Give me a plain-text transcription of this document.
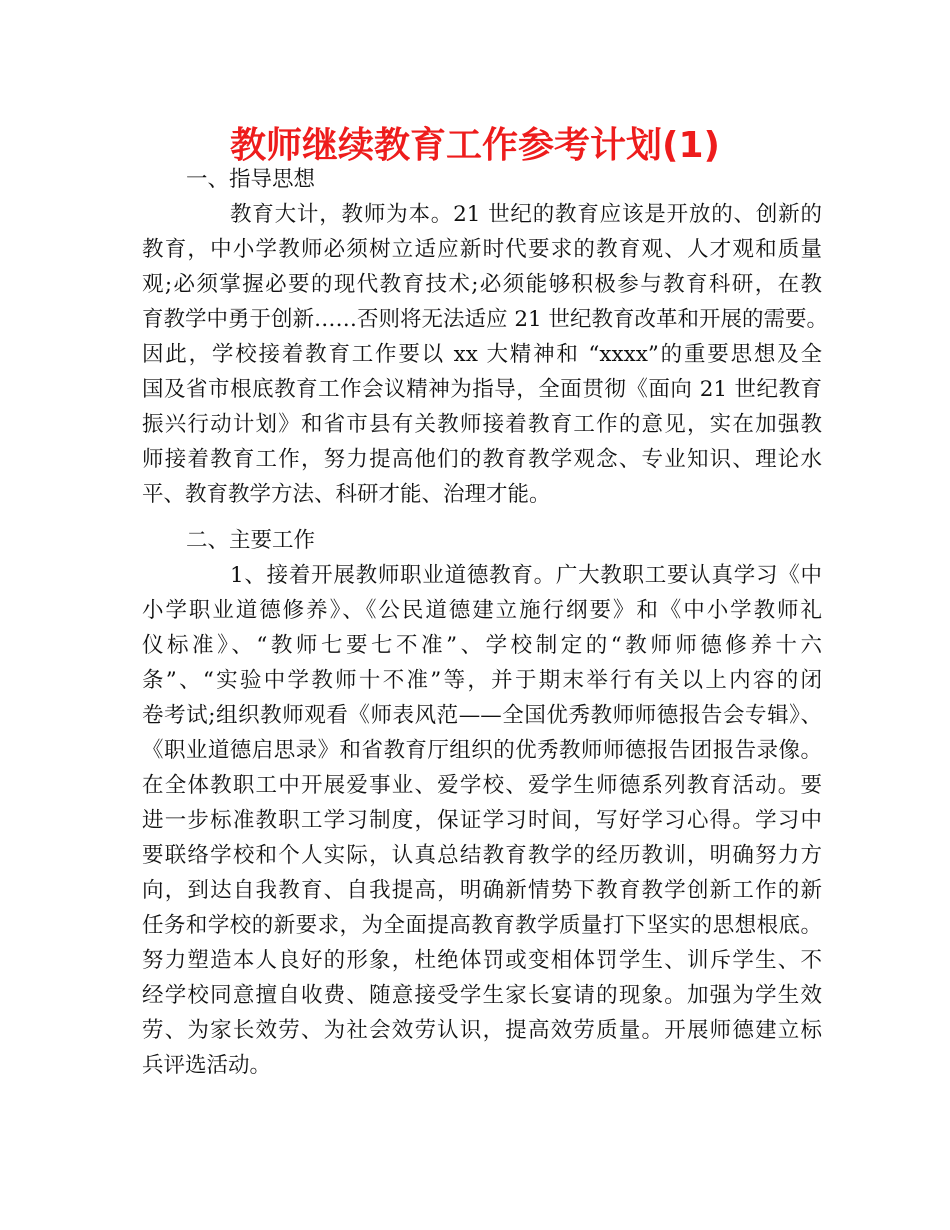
教师继续教育工作参考计划(1)
一、指导思想
教育大计，教师为本。21 世纪的教育应该是开放的、创新的
教育，中小学教师必须树立适应新时代要求的教育观、人才观和质量
观;必须掌握必要的现代教育技术;必须能够积极参与教育科研，在教
育教学中勇于创新……否则将无法适应 21 世纪教育改革和开展的需要。
因此，学校接着教育工作要以 xx 大精神和 “xxxx”的重要思想及全
国及省市根底教育工作会议精神为指导，全面贯彻《面向 21 世纪教育
振兴行动计划》和省市县有关教师接着教育工作的意见，实在加强教
师接着教育工作，努力提高他们的教育教学观念、专业知识、理论水
平、教育教学方法、科研才能、治理才能。
二、主要工作
1、接着开展教师职业道德教育。广大教职工要认真学习《中
小学职业道德修养》、《公民道德建立施行纲要》和《中小学教师礼
仪标准》、“教师七要七不准”、学校制定的“教师师德修养十六
条”、“实验中学教师十不准”等，并于期末举行有关以上内容的闭
卷考试;组织教师观看《师表风范——全国优秀教师师德报告会专辑》、
《职业道德启思录》和省教育厅组织的优秀教师师德报告团报告录像。
在全体教职工中开展爱事业、爱学校、爱学生师德系列教育活动。要
进一步标准教职工学习制度，保证学习时间，写好学习心得。学习中
要联络学校和个人实际，认真总结教育教学的经历教训，明确努力方
向，到达自我教育、自我提高，明确新情势下教育教学创新工作的新
任务和学校的新要求，为全面提高教育教学质量打下坚实的思想根底。
努力塑造本人良好的形象，杜绝体罚或变相体罚学生、训斥学生、不
经学校同意擅自收费、随意接受学生家长宴请的现象。加强为学生效
劳、为家长效劳、为社会效劳认识，提高效劳质量。开展师德建立标
兵评选活动。
